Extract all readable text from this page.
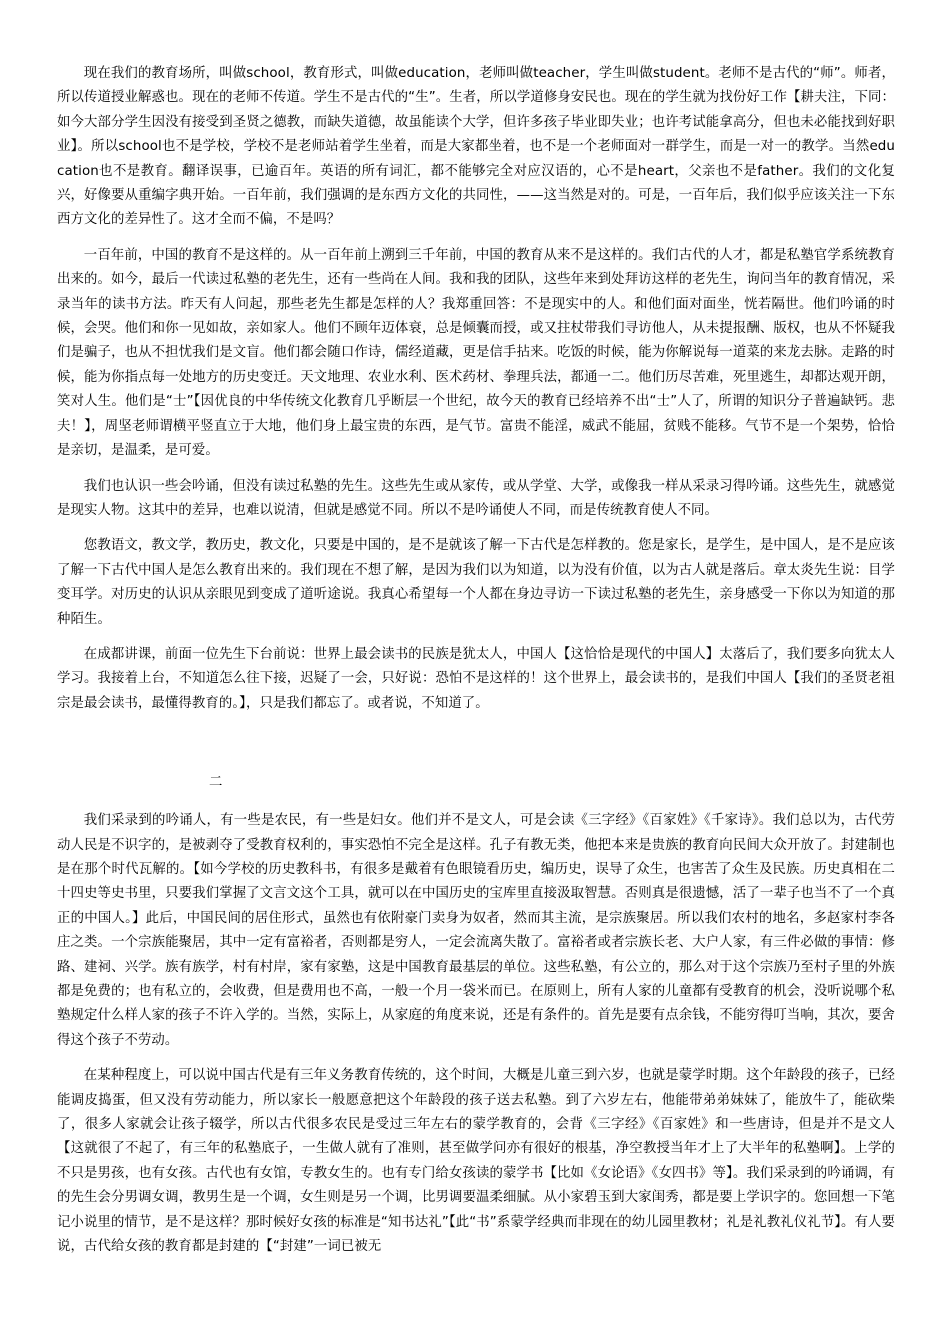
现在我们的教育场所，叫做school，教育形式，叫做education，老师叫做teacher，学生叫做student。老师不是古代的“师”。师者，所以传道授业解惑也。现在的老师不传道。学生不是古代的“生”。生者，所以学道修身安民也。现在的学生就为找份好工作【耕夫注，下同：如今大部分学生因没有接受到圣贤之德教，而缺失道德，故虽能读个大学，但许多孩子毕业即失业；也许考试能拿高分，但也未必能找到好职业】。所以school也不是学校，学校不是老师站着学生坐着，而是大家都坐着，也不是一个老师面对一群学生，而是一对一的教学。当然education也不是教育。翻译误事，已逾百年。英语的所有词汇，都不能够完全对应汉语的，心不是heart，父亲也不是father。我们的文化复兴，好像要从重编字典开始。一百年前，我们强调的是东西方文化的共同性，——这当然是对的。可是，一百年后，我们似乎应该关注一下东西方文化的差异性了。这才全而不偏，不是吗？

一百年前，中国的教育不是这样的。从一百年前上溯到三千年前，中国的教育从来不是这样的。我们古代的人才，都是私塾官学系统教育出来的。如今，最后一代读过私塾的老先生，还有一些尚在人间。我和我的团队，这些年来到处拜访这样的老先生，询问当年的教育情况，采录当年的读书方法。昨天有人问起，那些老先生都是怎样的人？我郑重回答：不是现实中的人。和他们面对面坐，恍若隔世。他们吟诵的时候，会哭。他们和你一见如故，亲如家人。他们不顾年迈体衰，总是倾囊而授，或又拄杖带我们寻访他人，从未提报酬、版权，也从不怀疑我们是骗子，也从不担忧我们是文盲。他们都会随口作诗，儒经道藏，更是信手拈来。吃饭的时候，能为你解说每一道菜的来龙去脉。走路的时候，能为你指点每一处地方的历史变迁。天文地理、农业水利、医术药材、拳理兵法，都通一二。他们历尽苦难，死里逃生，却都达观开朗，笑对人生。他们是“士”【因优良的中华传统文化教育几乎断层一个世纪，故今天的教育已经培养不出“士”人了，所谓的知识分子普遍缺钙。悲夫！】，周坚老师谓横平竖直立于大地，他们身上最宝贵的东西，是气节。富贵不能淫，威武不能屈，贫贱不能移。气节不是一个架势，恰恰是亲切，是温柔，是可爱。

我们也认识一些会吟诵，但没有读过私塾的先生。这些先生或从家传，或从学堂、大学，或像我一样从采录习得吟诵。这些先生，就感觉是现实人物。这其中的差异，也难以说清，但就是感觉不同。所以不是吟诵使人不同，而是传统教育使人不同。

您教语文，教文学，教历史，教文化，只要是中国的，是不是就该了解一下古代是怎样教的。您是家长，是学生，是中国人，是不是应该了解一下古代中国人是怎么教育出来的。我们现在不想了解，是因为我们以为知道，以为没有价值，以为古人就是落后。章太炎先生说：目学变耳学。对历史的认识从亲眼见到变成了道听途说。我真心希望每一个人都在身边寻访一下读过私塾的老先生，亲身感受一下你以为知道的那种陌生。

在成都讲课，前面一位先生下台前说：世界上最会读书的民族是犹太人，中国人【这恰恰是现代的中国人】太落后了，我们要多向犹太人学习。我接着上台，不知道怎么往下接，迟疑了一会，只好说：恐怕不是这样的！这个世界上，最会读书的，是我们中国人【我们的圣贤老祖宗是最会读书，最懂得教育的。】，只是我们都忘了。或者说，不知道了。

二

我们采录到的吟诵人，有一些是农民，有一些是妇女。他们并不是文人，可是会读《三字经》《百家姓》《千家诗》。我们总以为，古代劳动人民是不识字的，是被剥夺了受教育权利的，事实恐怕不完全是这样。孔子有教无类，他把本来是贵族的教育向民间大众开放了。封建制也是在那个时代瓦解的。【如今学校的历史教科书，有很多是戴着有色眼镜看历史，编历史，误导了众生，也害苦了众生及民族。历史真相在二十四史等史书里，只要我们掌握了文言文这个工具，就可以在中国历史的宝库里直接汲取智慧。否则真是很遗憾，活了一辈子也当不了一个真正的中国人。】此后，中国民间的居住形式，虽然也有依附豪门卖身为奴者，然而其主流，是宗族聚居。所以我们农村的地名，多赵家村李各庄之类。一个宗族能聚居，其中一定有富裕者，否则都是穷人，一定会流离失散了。富裕者或者宗族长老、大户人家，有三件必做的事情：修路、建祠、兴学。族有族学，村有村岸，家有家塾，这是中国教育最基层的单位。这些私塾，有公立的，那么对于这个宗族乃至村子里的外族都是免费的；也有私立的，会收费，但是费用也不高，一般一个月一袋米而已。在原则上，所有人家的儿童都有受教育的机会，没听说哪个私塾规定什么样人家的孩子不许入学的。当然，实际上，从家庭的角度来说，还是有条件的。首先是要有点余钱，不能穷得叮当响，其次，要舍得这个孩子不劳动。

在某种程度上，可以说中国古代是有三年义务教育传统的，这个时间，大概是儿童三到六岁，也就是蒙学时期。这个年龄段的孩子，已经能调皮捣蛋，但又没有劳动能力，所以家长一般愿意把这个年龄段的孩子送去私塾。到了六岁左右，他能带弟弟妹妹了，能放牛了，能砍柴了，很多人家就会让孩子辍学，所以古代很多农民是受过三年左右的蒙学教育的，会背《三字经》《百家姓》和一些唐诗，但是并不是文人【这就很了不起了，有三年的私塾底子，一生做人就有了准则，甚至做学问亦有很好的根基，净空教授当年才上了大半年的私塾啊】。上学的不只是男孩，也有女孩。古代也有女馆，专教女生的。也有专门给女孩读的蒙学书【比如《女论语》《女四书》等】。我们采录到的吟诵调，有的先生会分男调女调，教男生是一个调，女生则是另一个调，比男调要温柔细腻。从小家碧玉到大家闺秀，都是要上学识字的。您回想一下笔记小说里的情节，是不是这样？那时候好女孩的标准是“知书达礼”【此“书”系蒙学经典而非现在的幼儿园里教材；礼是礼教礼仪礼节】。有人要说，古代给女孩的教育都是封建的【“封建”一词已被无
